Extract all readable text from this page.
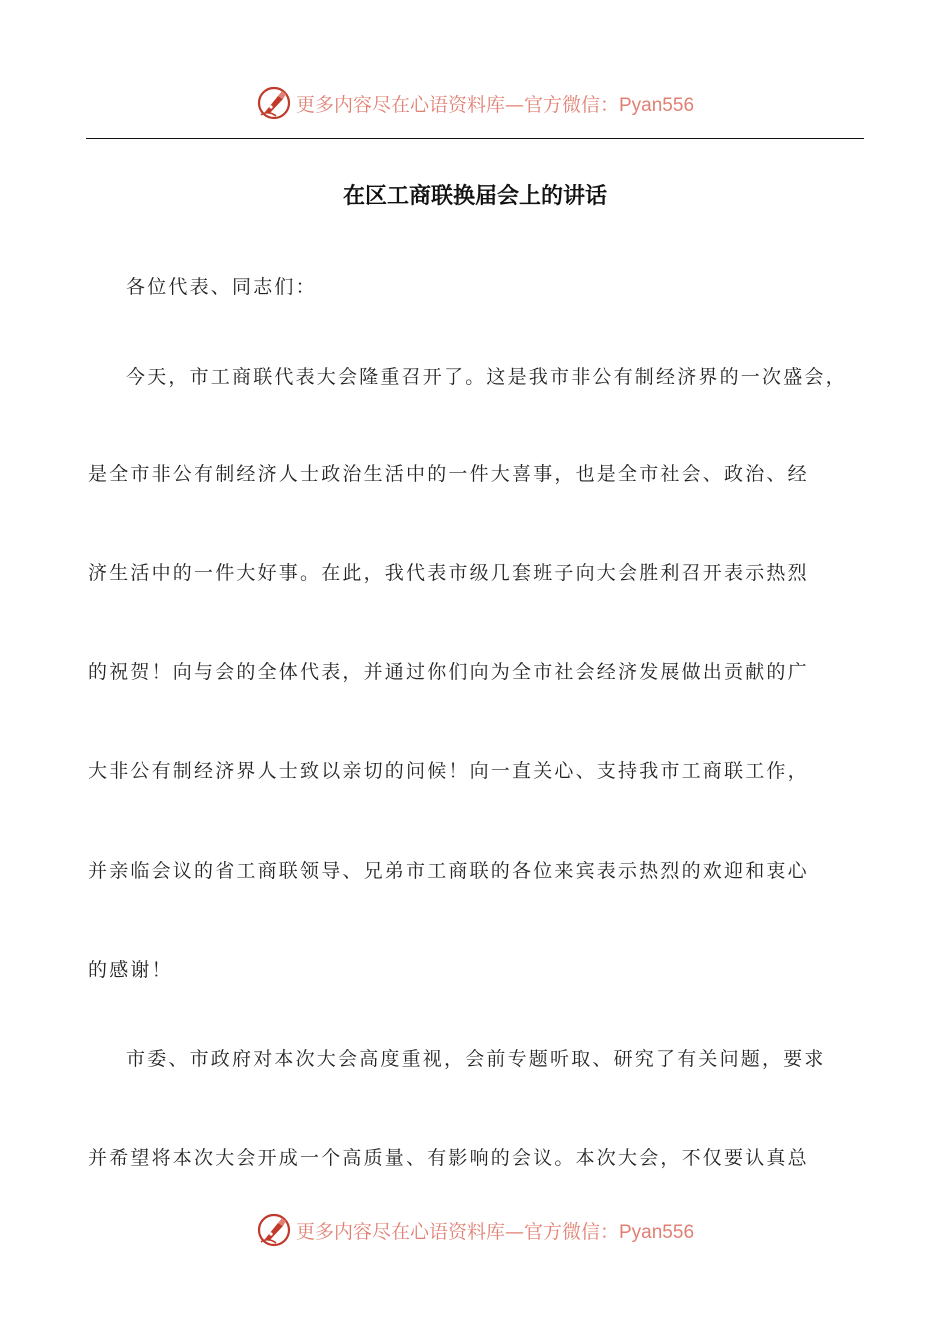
更多内容尽在心语资料库—官方微信：Pyan556
在区工商联换届会上的讲话

各位代表、同志们：

今天，市工商联代表大会隆重召开了。这是我市非公有制经济界的一次盛会，

是全市非公有制经济人士政治生活中的一件大喜事，也是全市社会、政治、经

济生活中的一件大好事。在此，我代表市级几套班子向大会胜利召开表示热烈

的祝贺！向与会的全体代表，并通过你们向为全市社会经济发展做出贡献的广

大非公有制经济界人士致以亲切的问候！向一直关心、支持我市工商联工作，

并亲临会议的省工商联领导、兄弟市工商联的各位来宾表示热烈的欢迎和衷心

的感谢！

市委、市政府对本次大会高度重视，会前专题听取、研究了有关问题，要求

并希望将本次大会开成一个高质量、有影响的会议。本次大会，不仅要认真总

更多内容尽在心语资料库—官方微信：Pyan556
